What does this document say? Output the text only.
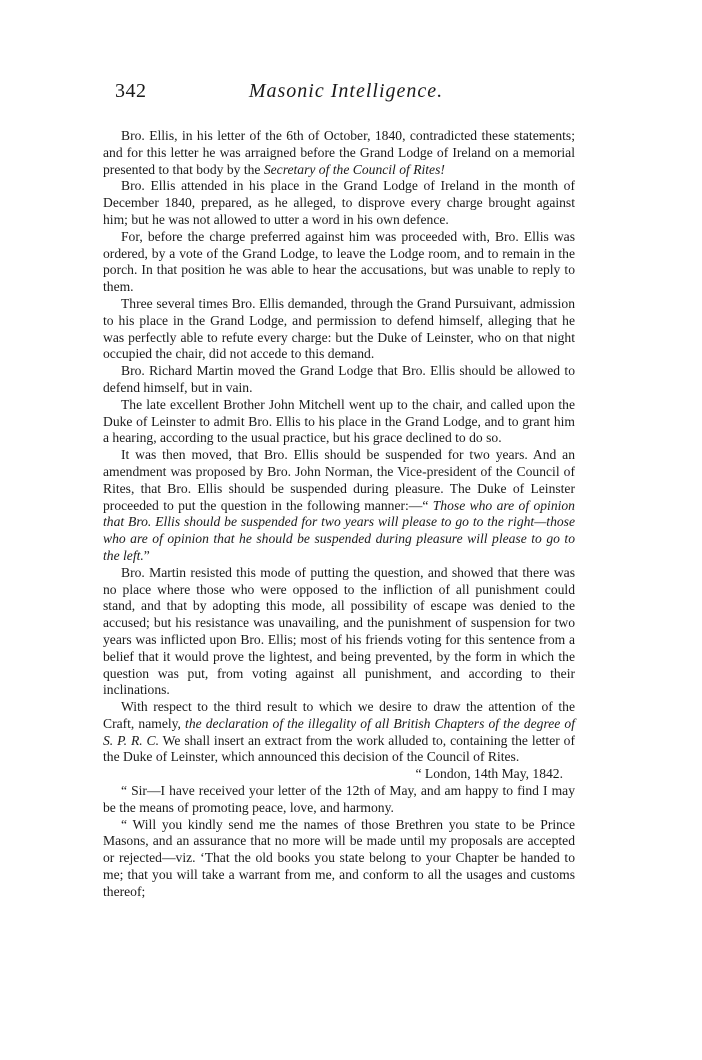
342	Masonic Intelligence.

Bro. Ellis, in his letter of the 6th of October, 1840, contradicted these statements; and for this letter he was arraigned before the Grand Lodge of Ireland on a memorial presented to that body by the Secretary of the Council of Rites!

Bro. Ellis attended in his place in the Grand Lodge of Ireland in the month of December 1840, prepared, as he alleged, to disprove every charge brought against him; but he was not allowed to utter a word in his own defence.

For, before the charge preferred against him was proceeded with, Bro. Ellis was ordered, by a vote of the Grand Lodge, to leave the Lodge room, and to remain in the porch. In that position he was able to hear the accusations, but was unable to reply to them.

Three several times Bro. Ellis demanded, through the Grand Pursuivant, admission to his place in the Grand Lodge, and permission to defend himself, alleging that he was perfectly able to refute every charge: but the Duke of Leinster, who on that night occupied the chair, did not accede to this demand.

Bro. Richard Martin moved the Grand Lodge that Bro. Ellis should be allowed to defend himself, but in vain.

The late excellent Brother John Mitchell went up to the chair, and called upon the Duke of Leinster to admit Bro. Ellis to his place in the Grand Lodge, and to grant him a hearing, according to the usual practice, but his grace declined to do so.

It was then moved, that Bro. Ellis should be suspended for two years. And an amendment was proposed by Bro. John Norman, the Vice-president of the Council of Rites, that Bro. Ellis should be suspended during pleasure. The Duke of Leinster proceeded to put the question in the following manner:—“ Those who are of opinion that Bro. Ellis should be suspended for two years will please to go to the right—those who are of opinion that he should be suspended during pleasure will please to go to the left.”

Bro. Martin resisted this mode of putting the question, and showed that there was no place where those who were opposed to the infliction of all punishment could stand, and that by adopting this mode, all possibility of escape was denied to the accused; but his resistance was unavailing, and the punishment of suspension for two years was inflicted upon Bro. Ellis; most of his friends voting for this sentence from a belief that it would prove the lightest, and being prevented, by the form in which the question was put, from voting against all punishment, and according to their inclinations.

With respect to the third result to which we desire to draw the attention of the Craft, namely, the declaration of the illegality of all British Chapters of the degree of S. P. R. C. We shall insert an extract from the work alluded to, containing the letter of the Duke of Leinster, which announced this decision of the Council of Rites.

“ London, 14th May, 1842.

“ Sir—I have received your letter of the 12th of May, and am happy to find I may be the means of promoting peace, love, and harmony.

“ Will you kindly send me the names of those Brethren you state to be Prince Masons, and an assurance that no more will be made until my proposals are accepted or rejected—viz. ‘That the old books you state belong to your Chapter be handed to me; that you will take a warrant from me, and conform to all the usages and customs thereof;
